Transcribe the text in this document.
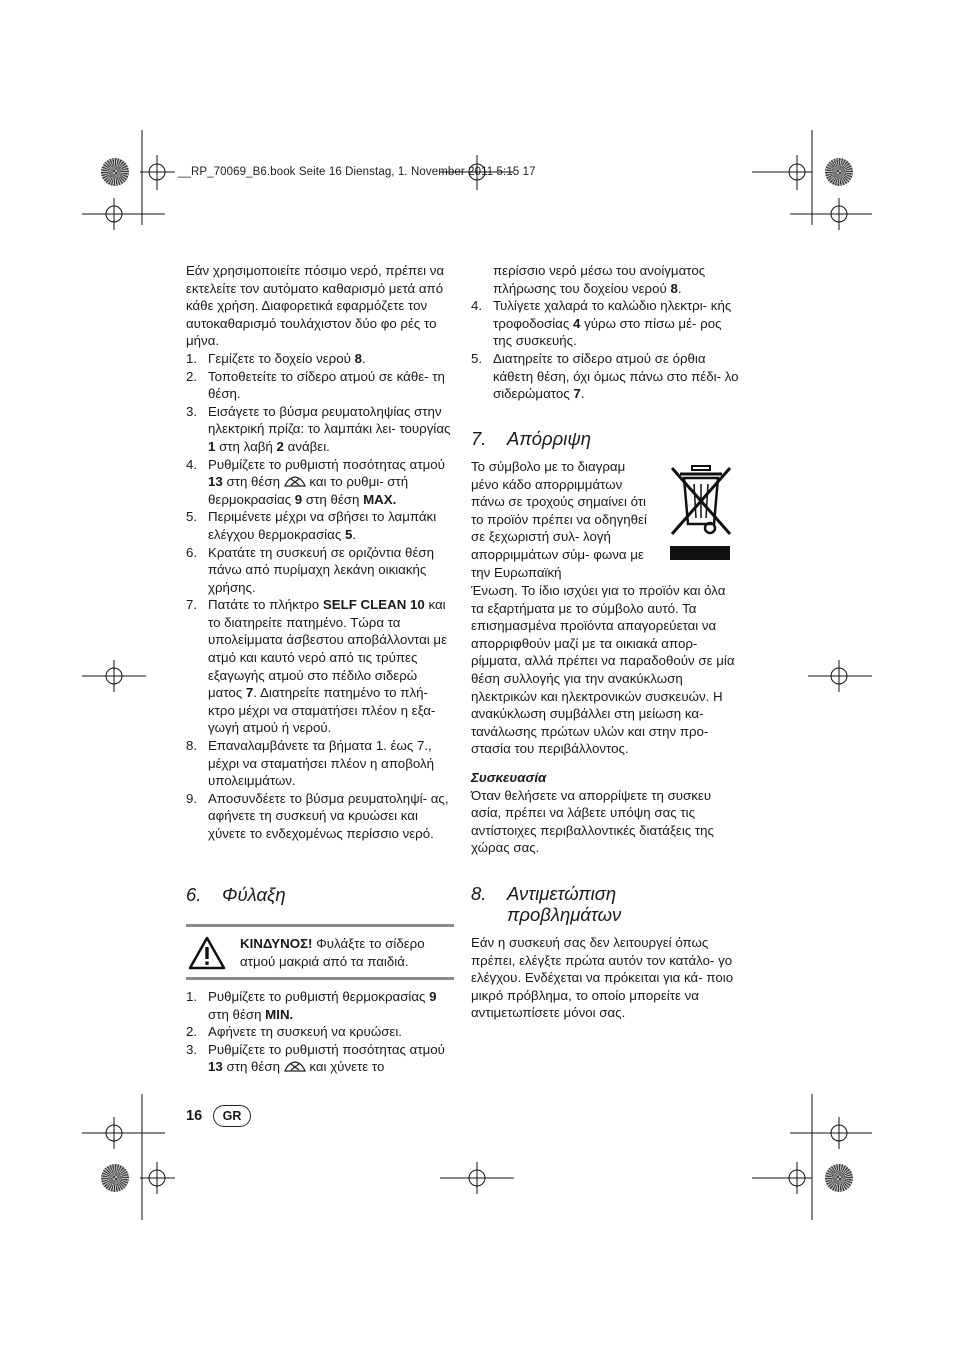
__RP_70069_B6.book Seite 16 Dienstag, 1. November 2011 5:15 17

Εάν χρησιμοποιείτε πόσιμο νερό, πρέπει να εκτελείτε τον αυτόματο καθαρισμό μετά από κάθε χρήση. Διαφορετικά εφαρμόζετε τον αυτοκαθαρισμό τουλάχιστον δύο φο ρές το μήνα.

1. Γεμίζετε το δοχείο νερού 8.
2. Τοποθετείτε το σίδερο ατμού σε κάθε- τη θέση.
3. Εισάγετε το βύσμα ρευματοληψίας στην ηλεκτρική πρίζα: το λαμπάκι λει- τουργίας 1 στη λαβή 2 ανάβει.
4. Ρυθμίζετε το ρυθμιστή ποσότητας ατμού 13 στη θέση  και το ρυθμι- στή θερμοκρασίας 9 στη θέση MAX.
5. Περιμένετε μέχρι να σβήσει το λαμπάκι ελέγχου θερμοκρασίας 5.
6. Κρατάτε τη συσκευή σε οριζόντια θέση πάνω από πυρίμαχη λεκάνη οικιακής χρήσης.
7. Πατάτε το πλήκτρο SELF CLEAN 10 και το διατηρείτε πατημένο. Τώρα τα υπολείμματα άσβεστου αποβάλλονται με ατμό και καυτό νερό από τις τρύπες εξαγωγής ατμού στο πέδιλο σιδερώ ματος 7. Διατηρείτε πατημένο το πλή- κτρο μέχρι να σταματήσει πλέον η εξα- γωγή ατμού ή νερού.
8. Επαναλαμβάνετε τα βήματα 1. έως 7., μέχρι να σταματήσει πλέον η αποβολή υπολειμμάτων.
9. Αποσυνδέετε το βύσμα ρευματοληψί- ας, αφήνετε τη συσκευή να κρυώσει και χύνετε το ενδεχομένως περίσσιο νερό.
6.	Φύλαξη
ΚΙΝΔΥΝΟΣ! Φυλάξτε το σίδερο ατμού μακριά από τα παιδιά.
1. Ρυθμίζετε το ρυθμιστή θερμοκρασίας 9 στη θέση MIN.
2. Αφήνετε τη συσκευή να κρυώσει.
3. Ρυθμίζετε το ρυθμιστή ποσότητας ατμού 13 στη θέση  και χύνετε το

περίσσιο νερό μέσω του ανοίγματος πλήρωσης του δοχείου νερού 8.

4. Τυλίγετε χαλαρά το καλώδιο ηλεκτρι- κής τροφοδοσίας 4 γύρω στο πίσω μέ- ρος της συσκευής.
5. Διατηρείτε το σίδερο ατμού σε όρθια κάθετη θέση, όχι όμως πάνω στο πέδι- λο σιδερώματος 7.
7.	Απόρριψη

Το σύμβολο με το διαγραμ μένο κάδο απορριμμάτων πάνω σε τροχούς σημαίνει ότι το προϊόν πρέπει να οδηγηθεί σε ξεχωριστή συλ- λογή απορριμμάτων σύμ- φωνα με την Ευρωπαϊκή

Ένωση. Το ίδιο ισχύει για το προϊόν και όλα τα εξαρτήματα με το σύμβολο αυτό. Τα επισημασμένα προϊόντα απαγορεύεται να απορριφθούν μαζί με τα οικιακά απορ- ρίμματα, αλλά πρέπει να παραδοθούν σε μία θέση συλλογής για την ανακύκλωση ηλεκτρικών και ηλεκτρονικών συσκευών. Η ανακύκλωση συμβάλλει στη μείωση κα- τανάλωσης πρώτων υλών και στην προ- στασία του περιβάλλοντος.

Συσκευασία

Όταν θελήσετε να απορρίψετε τη συσκευ ασία, πρέπει να λάβετε υπόψη σας τις αντίστοιχες περιβαλλοντικές διατάξεις της χώρας σας.

8.	Αντιμετώπιση
προβλημάτων

Εάν η συσκευή σας δεν λειτουργεί όπως πρέπει, ελέγξτε πρώτα αυτόν τον κατάλο- γο ελέγχου. Ενδέχεται να πρόκειται για κά- ποιο μικρό πρόβλημα, το οποίο μπορείτε να αντιμετωπίσετε μόνοι σας.

16	GR
